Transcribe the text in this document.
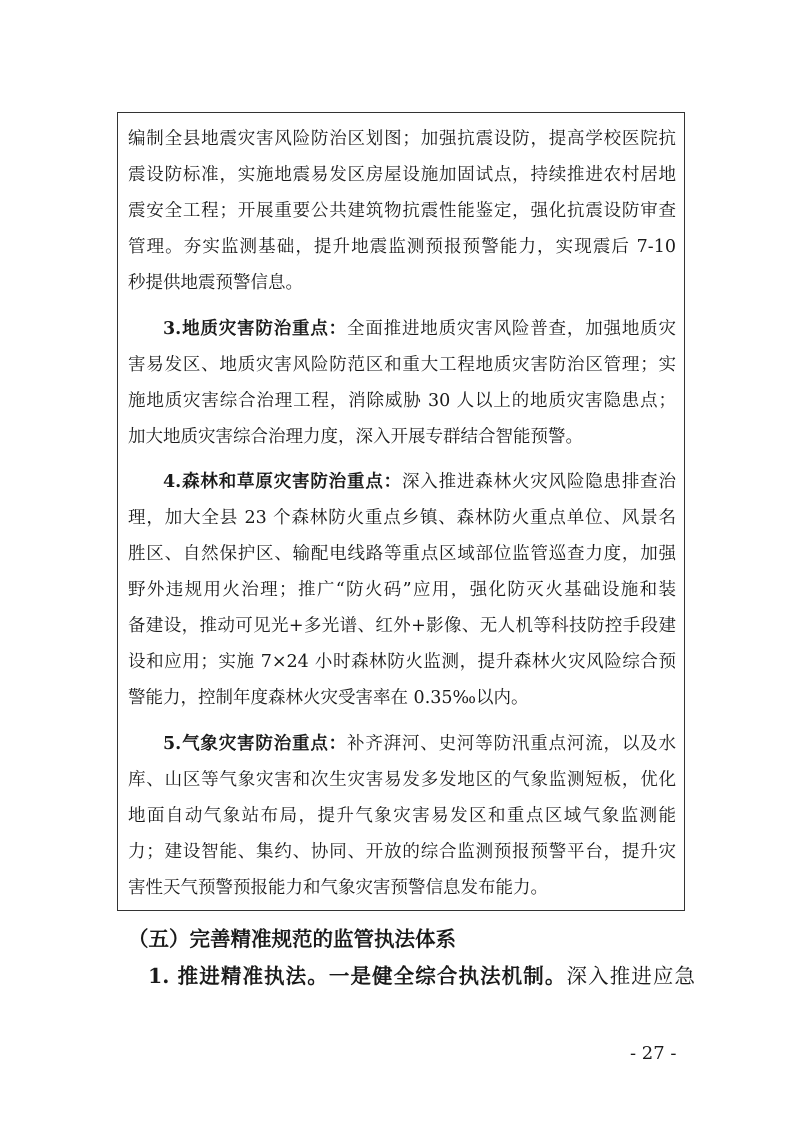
编制全县地震灾害风险防治区划图；加强抗震设防，提高学校医院抗
震设防标准，实施地震易发区房屋设施加固试点，持续推进农村居地
震安全工程；开展重要公共建筑物抗震性能鉴定，强化抗震设防审查
管理。夯实监测基础，提升地震监测预报预警能力，实现震后 7-10
秒提供地震预警信息。
3.地质灾害防治重点：全面推进地质灾害风险普查，加强地质灾
害易发区、地质灾害风险防范区和重大工程地质灾害防治区管理；实
施地质灾害综合治理工程，消除威胁 30 人以上的地质灾害隐患点；
加大地质灾害综合治理力度，深入开展专群结合智能预警。
4.森林和草原灾害防治重点：深入推进森林火灾风险隐患排查治
理，加大全县 23 个森林防火重点乡镇、森林防火重点单位、风景名
胜区、自然保护区、输配电线路等重点区域部位监管巡查力度，加强
野外违规用火治理；推广“防火码”应用，强化防灭火基础设施和装
备建设，推动可见光+多光谱、红外+影像、无人机等科技防控手段建
设和应用；实施 7×24 小时森林防火监测，提升森林火灾风险综合预
警能力，控制年度森林火灾受害率在 0.35‰以内。
5.气象灾害防治重点：补齐湃河、史河等防汛重点河流，以及水
库、山区等气象灾害和次生灾害易发多发地区的气象监测短板，优化
地面自动气象站布局，提升气象灾害易发区和重点区域气象监测能
力；建设智能、集约、协同、开放的综合监测预报预警平台，提升灾
害性天气预警预报能力和气象灾害预警信息发布能力。
（五）完善精准规范的监管执法体系
1. 推进精准执法。一是健全综合执法机制。深入推进应急
- 27 -
